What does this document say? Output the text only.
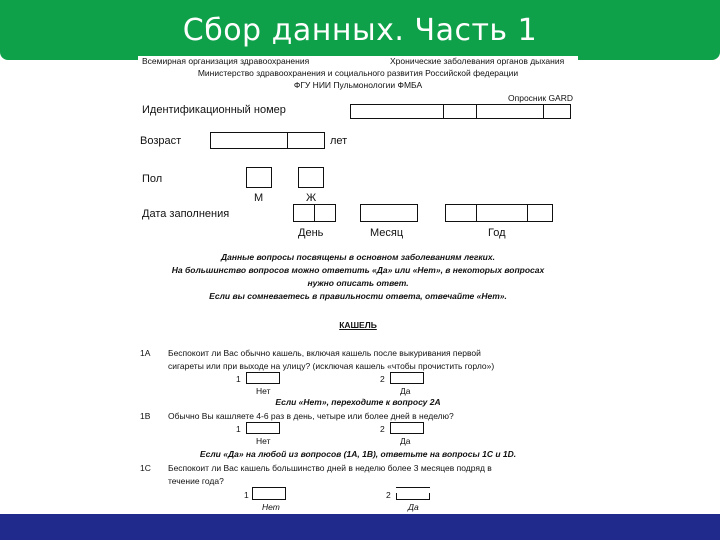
Сбор данных. Часть 1
Всемирная организация здравоохранения	Хронические заболевания органов дыхания
Министерство здравоохранения и социального развития Российской федерации
ФГУ НИИ Пульмонологии ФМБА
Опросник GARD
Идентификационный номер
Возраст	лет
Пол
М	Ж
Дата заполнения
День	Месяц	Год
Данные вопросы посвящены в основном заболеваниям легких.
На большинство вопросов можно ответить «Да» или «Нет», в некоторых вопросах
нужно описать ответ.
Если вы сомневаетесь в правильности ответа, отвечайте «Нет».
КАШЕЛЬ
1А Беспокоит ли Вас обычно кашель, включая кашель после выкуривания первой
сигареты или при выходе на улицу? (исключая кашель «чтобы прочистить горло»)
1
Нет
2
Да
Если «Нет», переходите к вопросу 2А
1В Обычно Вы кашляете 4-6 раз в день, четыре или более дней в неделю?
1
Нет
2
Да
Если «Да» на любой из вопросов (1А, 1В), ответьте на вопросы 1С и 1D.
1С Беспокоит ли Вас кашель большинство дней в неделю более 3 месяцев подряд в
течение года?
1
Нет
2
Да
